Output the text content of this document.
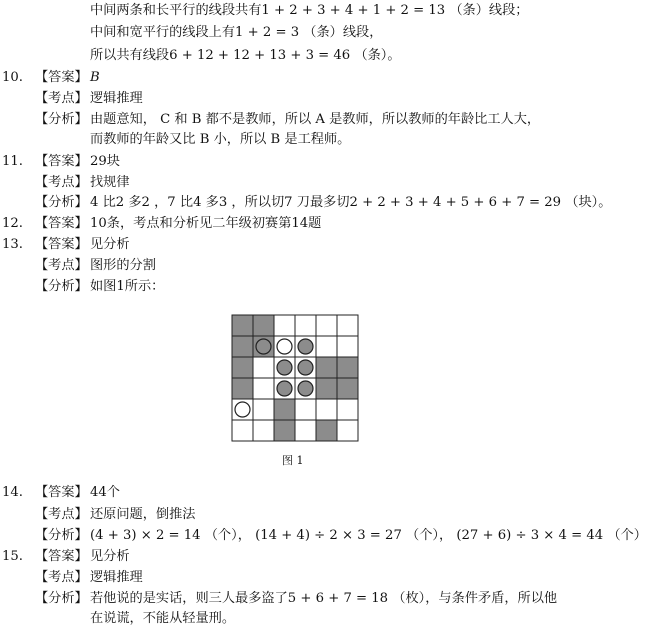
中间两条和长平行的线段共有1 + 2 + 3 + 4 + 1 + 2 = 13 （条）线段；
中间和宽平行的线段上有1 + 2 = 3 （条）线段，
所以共有线段6 + 12 + 12 + 13 + 3 = 46 （条）。
10. 【答案】 B
【考点】 逻辑推理
【分析】 由题意知， C 和 B 都不是教师，所以 A 是教师，所以教师的年龄比工人大，
而教师的年龄又比 B 小，所以 B 是工程师。
11. 【答案】 29块
【考点】 找规律
【分析】 4 比2 多2 ，7 比4 多3 ，所以切7 刀最多切2 + 2 + 3 + 4 + 5 + 6 + 7 = 29 （块）。
12. 【答案】 10条，考点和分析见二年级初赛第14题
13. 【答案】 见分析
【考点】 图形的分割
【分析】 如图1所示：
图 1
14. 【答案】 44个
【考点】 还原问题，倒推法
【分析】 (4 + 3) × 2 = 14 （个）， (14 + 4) ÷ 2 × 3 = 27 （个）， (27 + 6) ÷ 3 × 4 = 44 （个）
15. 【答案】 见分析
【考点】 逻辑推理
【分析】 若他说的是实话，则三人最多盗了5 + 6 + 7 = 18 （枚），与条件矛盾，所以他
在说谎，不能从轻量刑。
